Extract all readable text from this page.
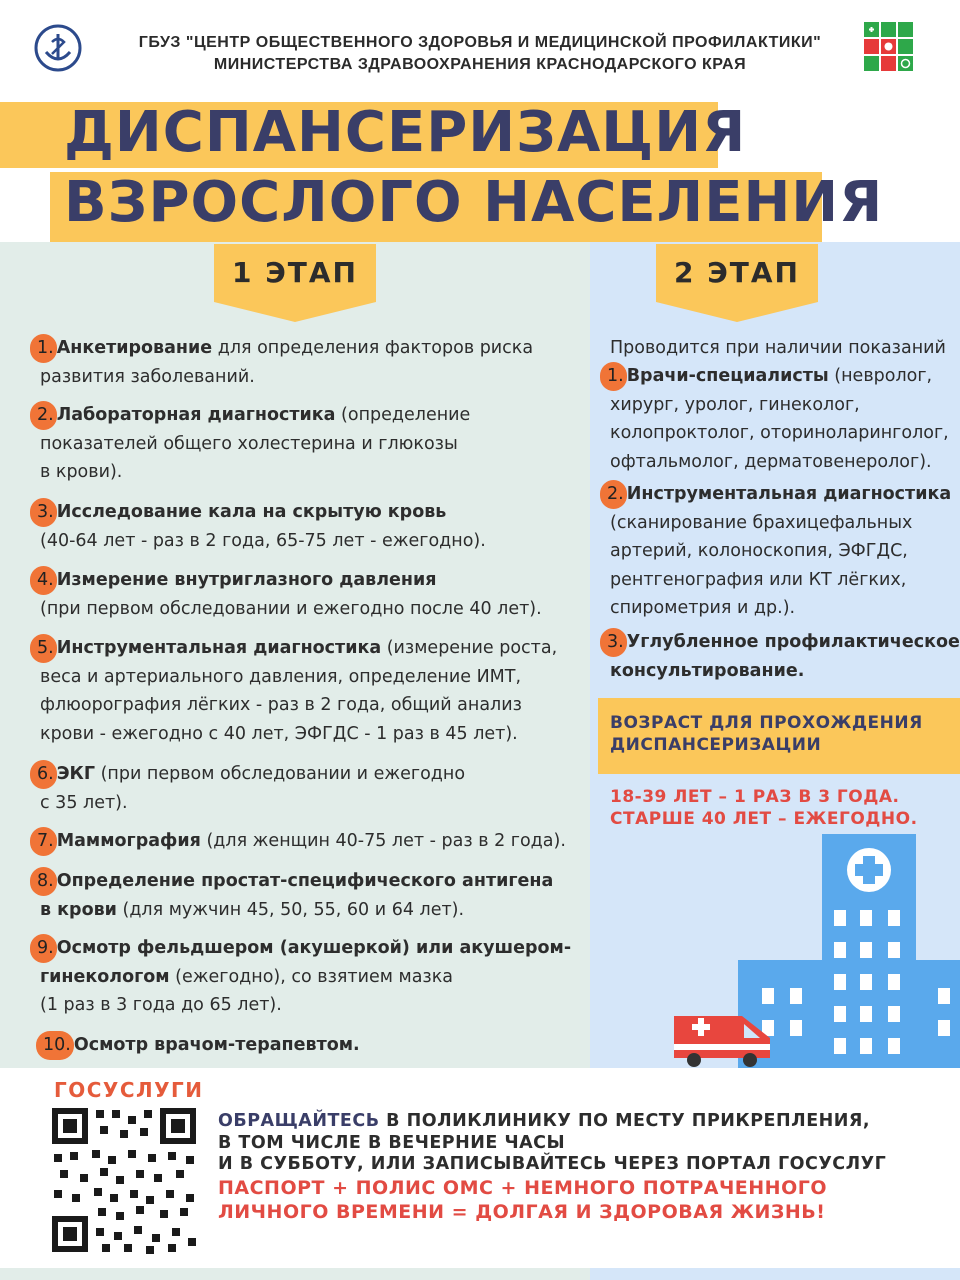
ГБУЗ "ЦЕНТР ОБЩЕСТВЕННОГО ЗДОРОВЬЯ И МЕДИЦИНСКОЙ ПРОФИЛАКТИКИ"
МИНИСТЕРСТВА ЗДРАВООХРАНЕНИЯ КРАСНОДАРСКОГО КРАЯ
ДИСПАНСЕРИЗАЦИЯ
ВЗРОСЛОГО НАСЕЛЕНИЯ
1 ЭТАП	2 ЭТАП
1. Анкетирование для определения факторов риска
развития заболеваний.
2. Лабораторная диагностика (определение
показателей общего холестерина и глюкозы
в крови).
3. Исследование кала на скрытую кровь
(40-64 лет - раз в 2 года, 65-75 лет - ежегодно).
4. Измерение внутриглазного давления
(при первом обследовании и ежегодно после 40 лет).
5. Инструментальная диагностика (измерение роста,
веса и артериального давления, определение ИМТ,
флюорография лёгких - раз в 2 года, общий анализ
крови - ежегодно с 40 лет, ЭФГДС - 1 раз в 45 лет).
6. ЭКГ (при первом обследовании и ежегодно
с 35 лет).
7. Маммография (для женщин 40-75 лет - раз в 2 года).
8. Определение простат-специфического антигена
в крови (для мужчин 45, 50, 55, 60 и 64 лет).
9. Осмотр фельдшером (акушеркой) или акушером-
гинекологом (ежегодно), со взятием мазка
(1 раз в 3 года до 65 лет).
10. Осмотр врачом-терапевтом.
Проводится при наличии показаний
1. Врачи-специалисты (невролог,
хирург, уролог, гинеколог,
колопроктолог, оториноларинголог,
офтальмолог, дерматовенеролог).
2. Инструментальная диагностика
(сканирование брахицефальных
артерий, колоноскопия, ЭФГДС,
рентгенография или КТ лёгких,
спирометрия и др.).
3. Углубленное профилактическое
консультирование.
ВОЗРАСТ ДЛЯ ПРОХОЖДЕНИЯ
ДИСПАНСЕРИЗАЦИИ
18-39 ЛЕТ – 1 РАЗ В 3 ГОДА.
СТАРШЕ 40 ЛЕТ – ЕЖЕГОДНО.
ГОСУСЛУГИ
ОБРАЩАЙТЕСЬ В ПОЛИКЛИНИКУ ПО МЕСТУ ПРИКРЕПЛЕНИЯ,
В ТОМ ЧИСЛЕ В ВЕЧЕРНИЕ ЧАСЫ
И В СУББОТУ, ИЛИ ЗАПИСЫВАЙТЕСЬ ЧЕРЕЗ ПОРТАЛ ГОСУСЛУГ
ПАСПОРТ + ПОЛИС ОМС + НЕМНОГО ПОТРАЧЕННОГО
ЛИЧНОГО ВРЕМЕНИ = ДОЛГАЯ И ЗДОРОВАЯ ЖИЗНЬ!
